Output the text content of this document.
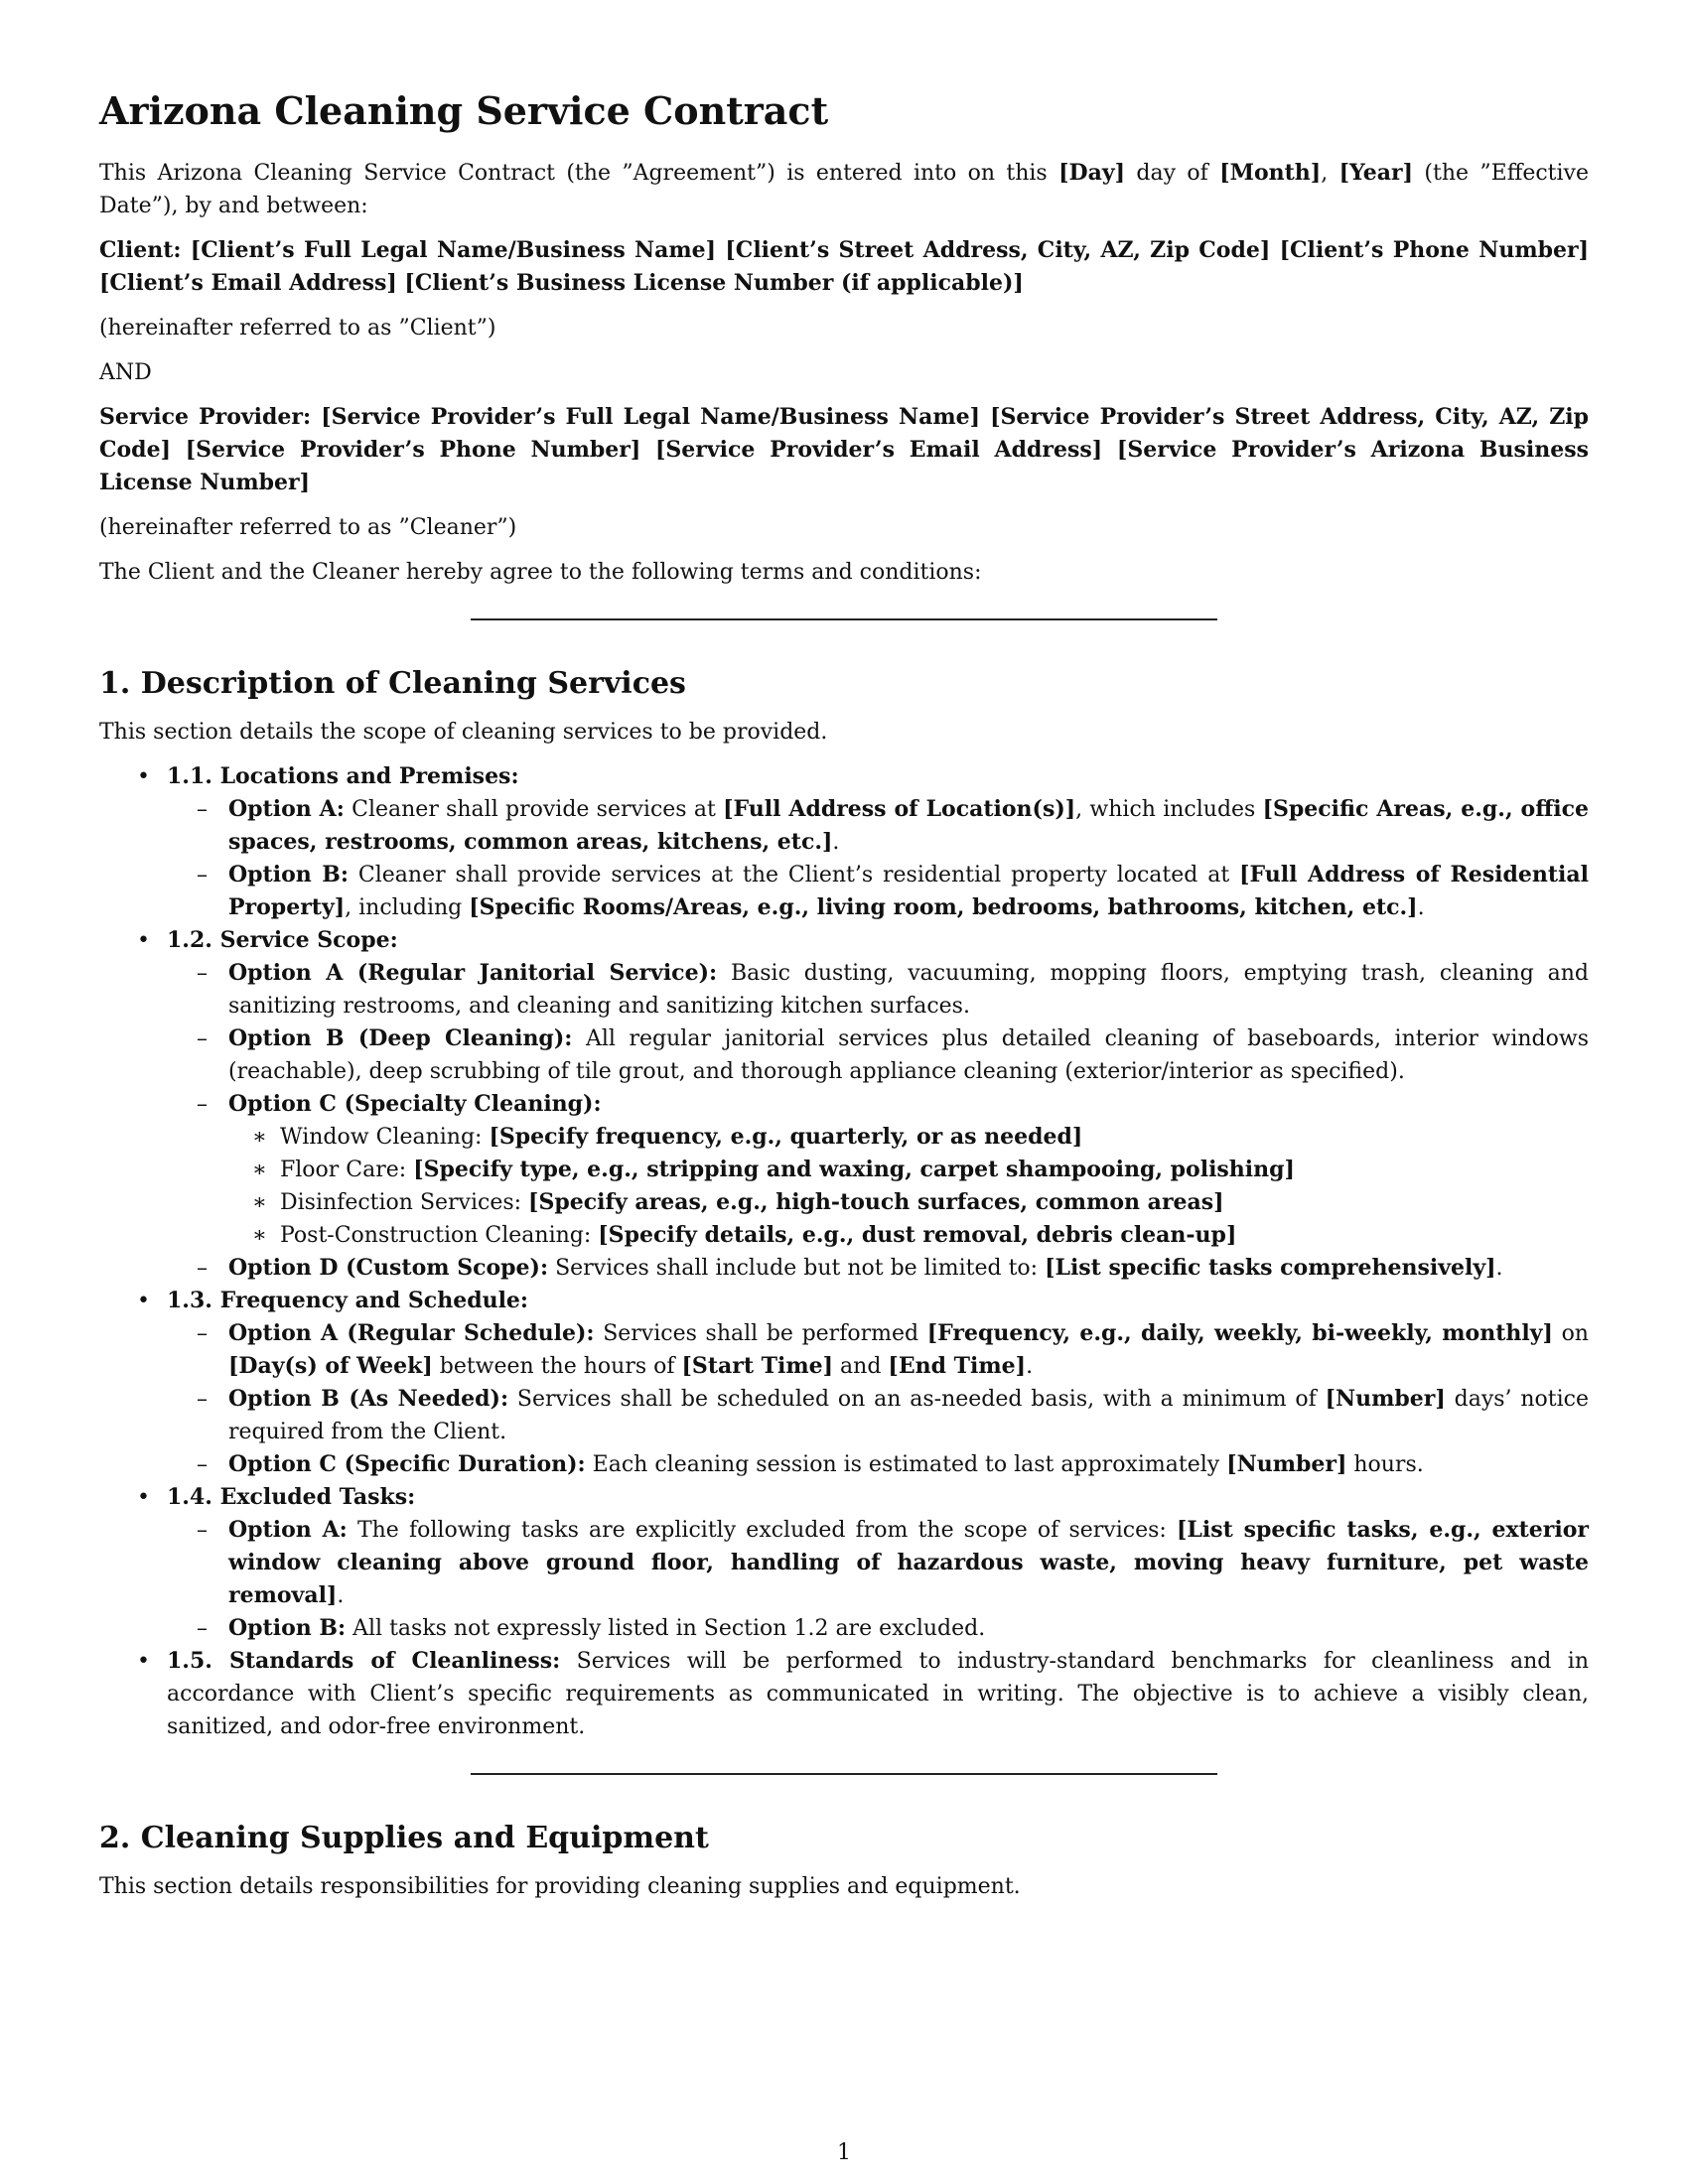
Arizona Cleaning Service Contract

This Arizona Cleaning Service Contract (the ”Agreement”) is entered into on this [Day] day of [Month], [Year] (the ”Effective Date”), by and between:

Client: [Client’s Full Legal Name/Business Name] [Client’s Street Address, City, AZ, Zip Code] [Client’s Phone Number] [Client’s Email Address] [Client’s Business License Number (if applicable)]

(hereinafter referred to as ”Client”)

AND

Service Provider: [Service Provider’s Full Legal Name/Business Name] [Service Provider’s Street Address, City, AZ, Zip Code] [Service Provider’s Phone Number] [Service Provider’s Email Address] [Service Provider’s Arizona Business License Number]

(hereinafter referred to as ”Cleaner”)

The Client and the Cleaner hereby agree to the following terms and conditions:

1. Description of Cleaning Services

This section details the scope of cleaning services to be provided.

• 1.1. Locations and Premises:
– Option A: Cleaner shall provide services at [Full Address of Location(s)], which includes [Specific Areas, e.g., office spaces, restrooms, common areas, kitchens, etc.].
– Option B: Cleaner shall provide services at the Client’s residential property located at [Full Address of Residential Property], including [Specific Rooms/Areas, e.g., living room, bedrooms, bathrooms, kitchen, etc.].
• 1.2. Service Scope:
– Option A (Regular Janitorial Service): Basic dusting, vacuuming, mopping floors, emptying trash, cleaning and sanitizing restrooms, and cleaning and sanitizing kitchen surfaces.
– Option B (Deep Cleaning): All regular janitorial services plus detailed cleaning of baseboards, interior windows (reachable), deep scrubbing of tile grout, and thorough appliance cleaning (exterior/interior as specified).
– Option C (Specialty Cleaning):
∗ Window Cleaning: [Specify frequency, e.g., quarterly, or as needed]
∗ Floor Care: [Specify type, e.g., stripping and waxing, carpet shampooing, polishing]
∗ Disinfection Services: [Specify areas, e.g., high-touch surfaces, common areas]
∗ Post-Construction Cleaning: [Specify details, e.g., dust removal, debris clean-up]
– Option D (Custom Scope): Services shall include but not be limited to: [List specific tasks comprehensively].
• 1.3. Frequency and Schedule:
– Option A (Regular Schedule): Services shall be performed [Frequency, e.g., daily, weekly, bi-weekly, monthly] on [Day(s) of Week] between the hours of [Start Time] and [End Time].
– Option B (As Needed): Services shall be scheduled on an as-needed basis, with a minimum of [Number] days’ notice required from the Client.
– Option C (Specific Duration): Each cleaning session is estimated to last approximately [Number] hours.
• 1.4. Excluded Tasks:
– Option A: The following tasks are explicitly excluded from the scope of services: [List specific tasks, e.g., exterior window cleaning above ground floor, handling of hazardous waste, moving heavy furniture, pet waste removal].
– Option B: All tasks not expressly listed in Section 1.2 are excluded.
• 1.5. Standards of Cleanliness: Services will be performed to industry-standard benchmarks for cleanliness and in accordance with Client’s specific requirements as communicated in writing. The objective is to achieve a visibly clean, sanitized, and odor-free environment.
2. Cleaning Supplies and Equipment

This section details responsibilities for providing cleaning supplies and equipment.

1
